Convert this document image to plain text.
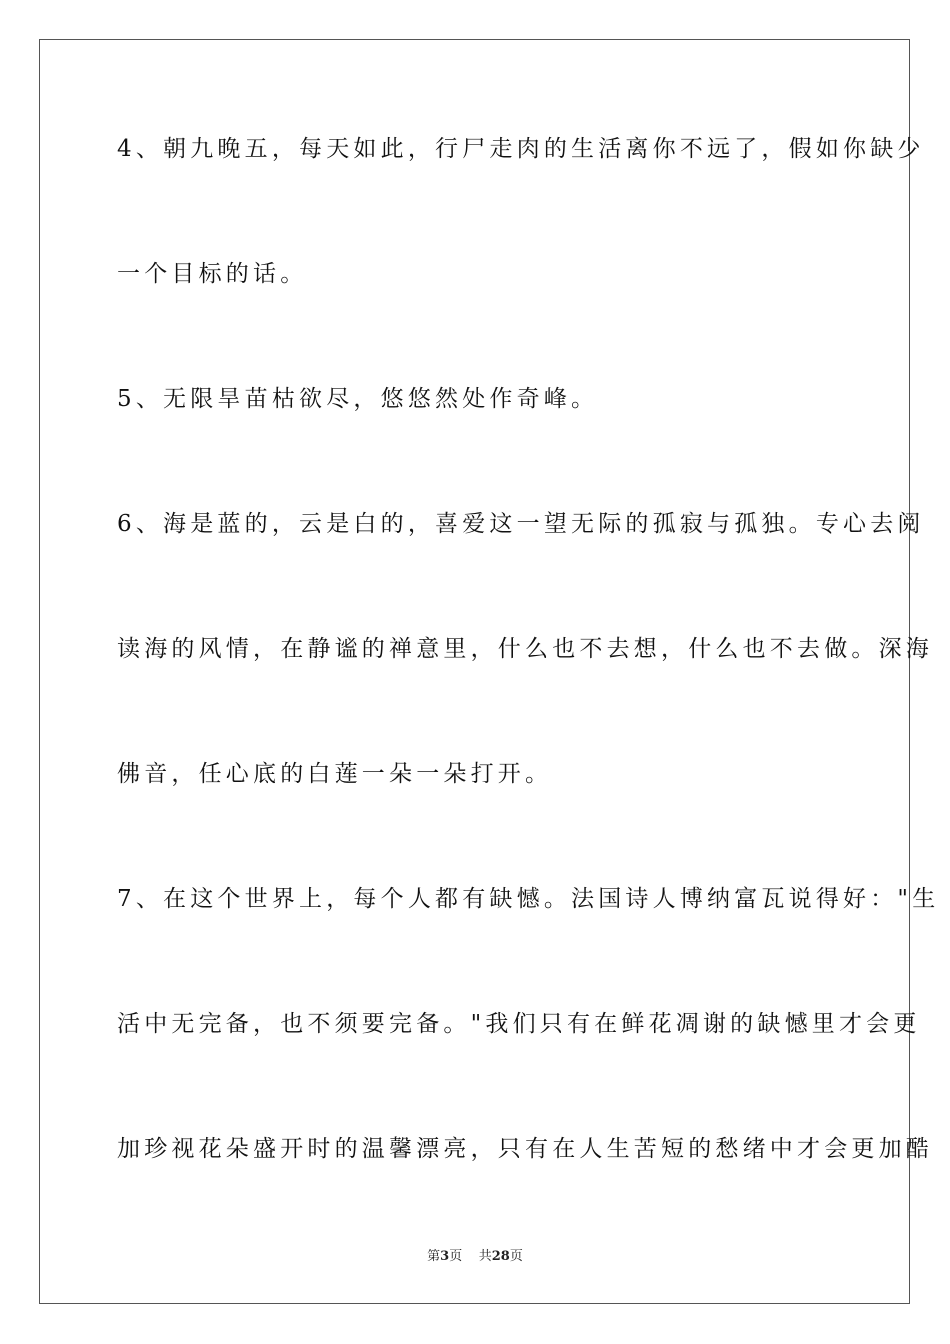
4、朝九晚五，每天如此，行尸走肉的生活离你不远了，假如你缺少
一个目标的话。
5、无限旱苗枯欲尽，悠悠然处作奇峰。
6、海是蓝的，云是白的，喜爱这一望无际的孤寂与孤独。专心去阅
读海的风情，在静谧的禅意里，什么也不去想，什么也不去做。深海
佛音，任心底的白莲一朵一朵打开。
7、在这个世界上，每个人都有缺憾。法国诗人博纳富瓦说得好："生
活中无完备，也不须要完备。"我们只有在鲜花凋谢的缺憾里才会更
加珍视花朵盛开时的温馨漂亮，只有在人生苦短的愁绪中才会更加酷
第3页 共28页
